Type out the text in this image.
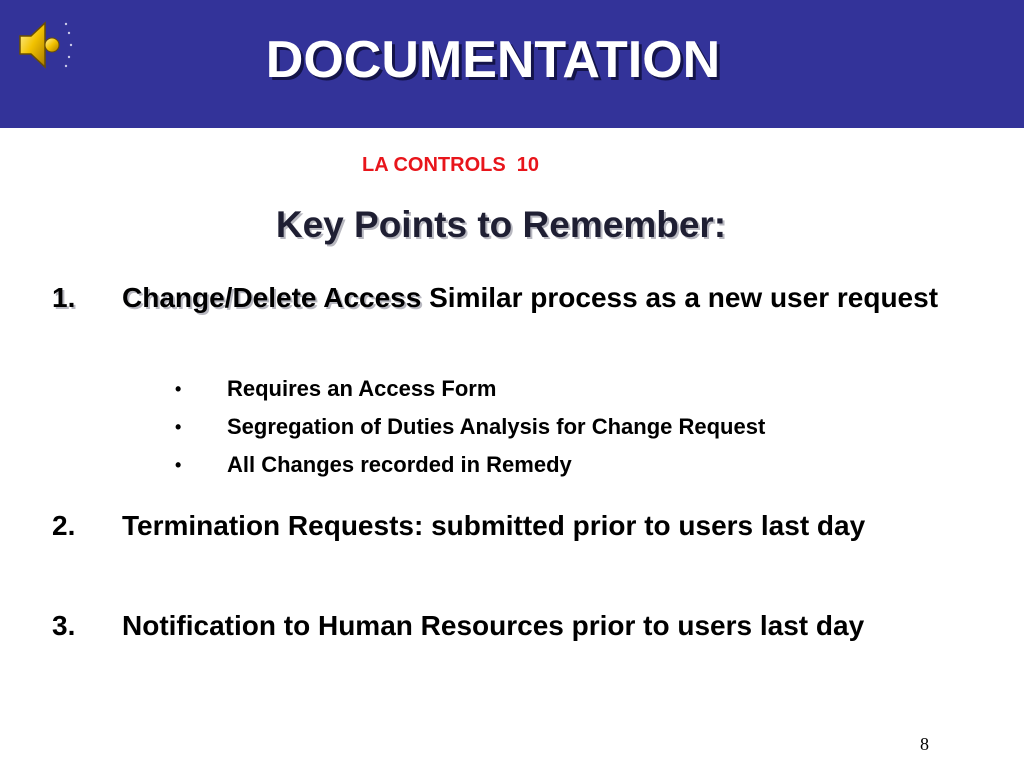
DOCUMENTATION
LA CONTROLS  10
Key Points to Remember:
1. Change/Delete Access Similar process as a new user request
• Requires an Access Form
• Segregation of Duties Analysis for Change Request
• All Changes recorded in Remedy
2. Termination Requests: submitted prior to users last day
3. Notification to Human Resources prior to users last day
8
